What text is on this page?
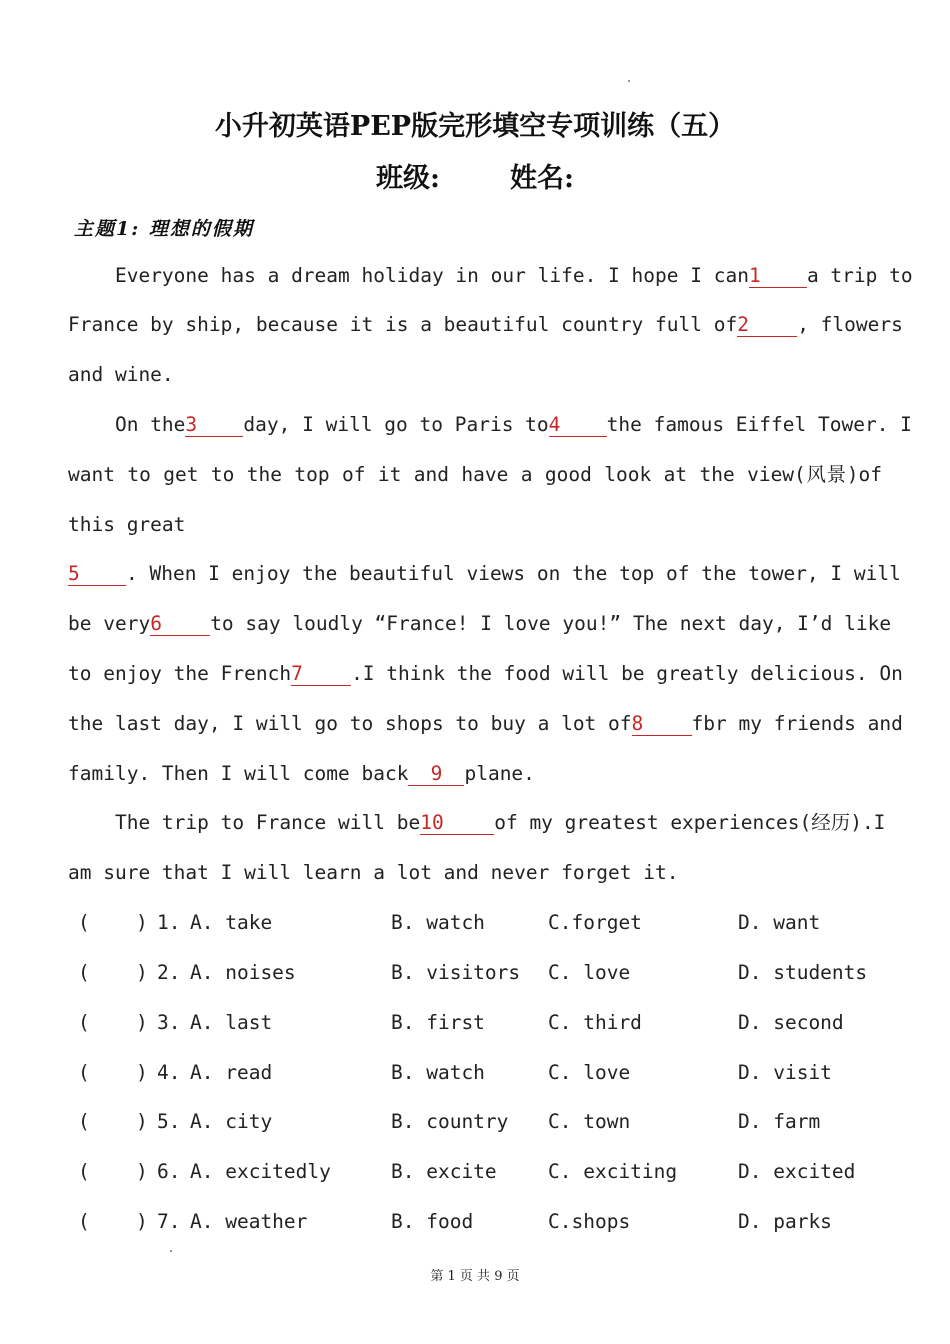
小升初英语PEP版完形填空专项训练（五）
班级:	姓名:
主题1: 理想的假期
Everyone has a dream holiday in our life. I hope I can1 a trip to
France by ship, because it is a beautiful country full of2 , flowers
and wine.
On the3 day, I will go to Paris to4 the famous Eiffel Tower. I
want to get to the top of it and have a good look at the view(风景)of
this great
5 . When I enjoy the beautiful views on the top of the tower, I will
be very6 to say loudly “France! I love you!” The next day, I’d like
to enjoy the French7 .I think the food will be greatly delicious. On
the last day, I will go to shops to buy a lot of8 fbr my friends and
family. Then I will come back 9 plane.
The trip to France will be10	of my greatest experiences(经历).I
am sure that I will learn a lot and never forget it.
( ) 1. A. take	B. watch	C.forget	D. want
( ) 2. A. noises	B. visitors C. love	D. students
( ) 3. A. last	B. first	C. third	D. second
( ) 4. A. read	B. watch	C. love	D. visit
( ) 5. A. city	B. country C. town	D. farm
( ) 6. A. excitedly	B. excite	C. exciting	D. excited
( ) 7. A. weather	B. food	C.shops	D. parks
第 1 页 共 9 页
